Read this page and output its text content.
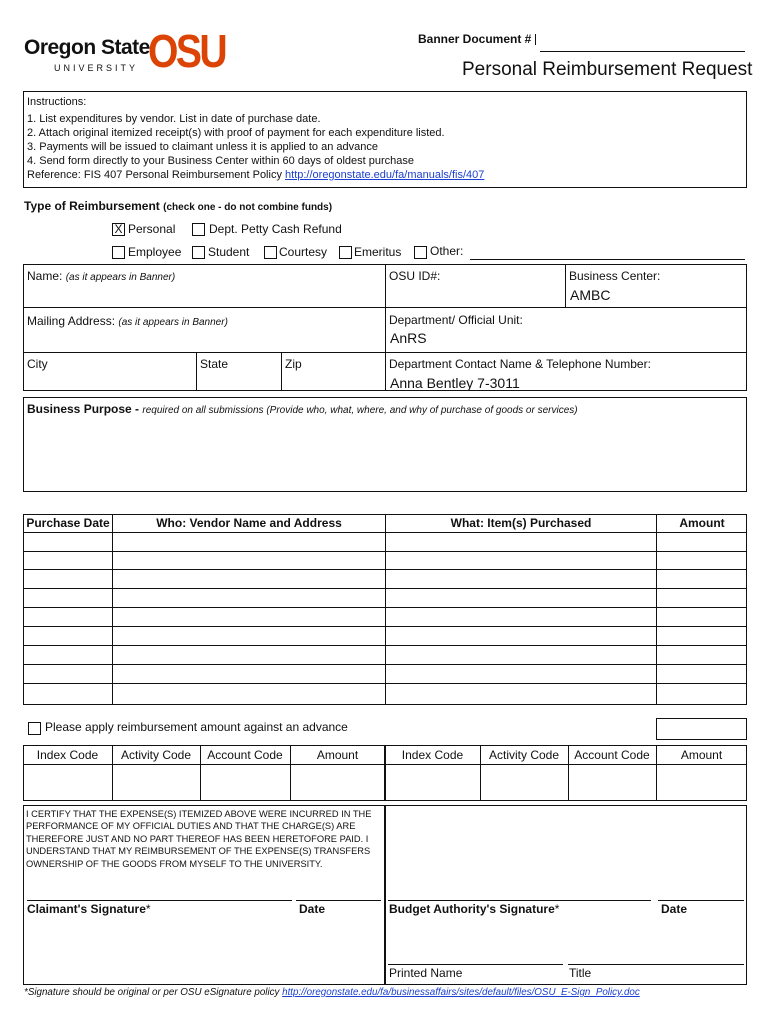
Oregon State
UNIVERSITY OSU	Banner Document #
Personal Reimbursement Request
Instructions:
1. List expenditures by vendor. List in date of purchase date.
2. Attach original itemized receipt(s) with proof of payment for each expenditure listed.
3. Payments will be issued to claimant unless it is applied to an advance
4. Send form directly to your Business Center within 60 days of oldest purchase
Reference: FIS 407 Personal Reimbursement Policy http://oregonstate.edu/fa/manuals/fis/407
Type of Reimbursement (check one - do not combine funds)
X Personal	Dept. Petty Cash Refund
Employee Student Courtesy Emeritus Other:
Name: (as it appears in Banner)	OSU ID#:	Business Center:
AMBC
Mailing Address: (as it appears in Banner)	Department/ Official Unit:
AnRS
City	State	Zip	Department Contact Name & Telephone Number:
Anna Bentley 7-3011
Business Purpose - required on all submissions (Provide who, what, where, and why of purchase of goods or services)
Purchase Date	Who: Vendor Name and Address	What: Item(s) Purchased	Amount
Please apply reimbursement amount against an advance
Index Code	Activity Code	Account Code	Amount	Index Code	Activity Code	Account Code	Amount
I CERTIFY THAT THE EXPENSE(S) ITEMIZED ABOVE WERE INCURRED IN THE PERFORMANCE OF MY OFFICIAL DUTIES AND THAT THE CHARGE(S) ARE THEREFORE JUST AND NO PART THEREOF HAS BEEN HERETOFORE PAID. I UNDERSTAND THAT MY REIMBURSEMENT OF THE EXPENSE(S) TRANSFERS OWNERSHIP OF THE GOODS FROM MYSELF TO THE UNIVERSITY.
Claimant's Signature*	Date	Budget Authority's Signature*	Date
Printed Name	Title
*Signature should be original or per OSU eSignature policy http://oregonstate.edu/fa/businessaffairs/sites/default/files/OSU_E-Sign_Policy.doc
